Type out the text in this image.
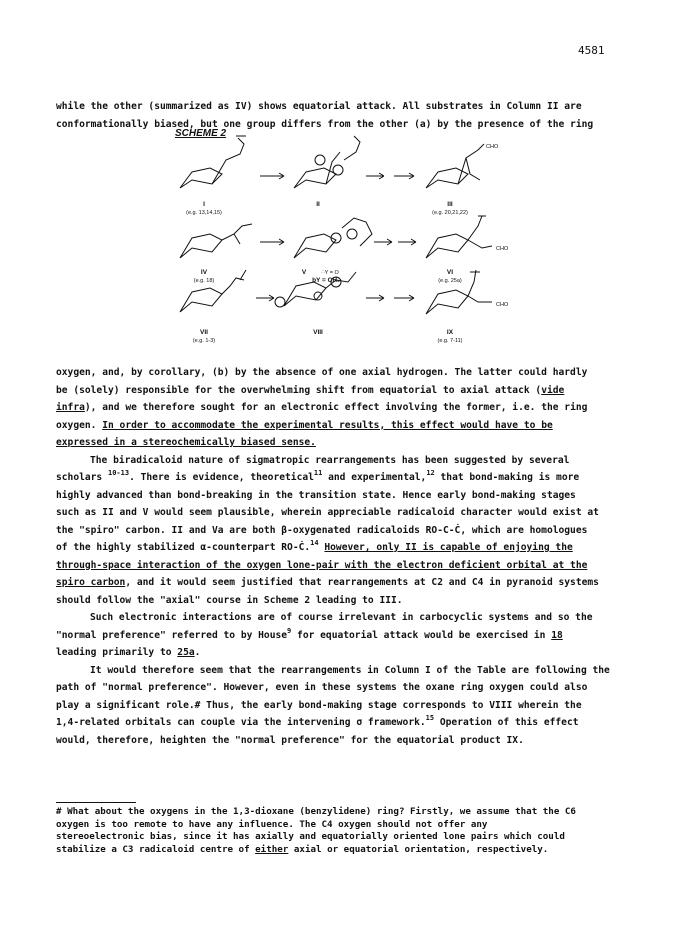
4581
while the other (summarized as IV) shows equatorial attack. All substrates in Column II are
conformationally biased, but one group differs from the other (a) by the presence of the ring
SCHEME 2
CHO
CHO
CHO
I
(e.g. 13,14,15)
II	III
(e.g. 20,21,22)
IV
(e.g. 18)
V	∴Y = O
bY = CH₂
VI
(e.g. 25a)
VII
(e.g. 1-3)
VIII	IX
(e.g. 7-11)
oxygen, and, by corollary, (b) by the absence of one axial hydrogen. The latter could hardly
be (solely) responsible for the overwhelming shift from equatorial to axial attack (vide
infra), and we therefore sought for an electronic effect involving the former, i.e. the ring
oxygen. In order to accommodate the experimental results, this effect would have to be
expressed in a stereochemically biased sense.
The biradicaloid nature of sigmatropic rearrangements has been suggested by several
scholars $^{10-13}$. There is evidence, theoretical$^{11}$ and experimental,$^{12}$ that bond-making is more
highly advanced than bond-breaking in the transition state. Hence early bond-making stages
such as II and V would seem plausible, wherein appreciable radicaloid character would exist at
the "spiro" carbon. II and Va are both β-oxygenated radicaloids RO-C-Ċ, which are homologues
of the highly stabilized α-counterpart RO-Ċ.$^{14}$ However, only II is capable of enjoying the
through-space interaction of the oxygen lone-pair with the electron deficient orbital at the
spiro carbon, and it would seem justified that rearrangements at C2 and C4 in pyranoid systems
should follow the "axial" course in Scheme 2 leading to III.
Such electronic interactions are of course irrelevant in carbocyclic systems and so the
"normal preference" referred to by House$^9$ for equatorial attack would be exercised in 18
leading primarily to 25a.
It would therefore seem that the rearrangements in Column I of the Table are following the
path of "normal preference". However, even in these systems the oxane ring oxygen could also
play a significant role.# Thus, the early bond-making stage corresponds to VIII wherein the
1,4-related orbitals can couple via the intervening σ framework.$^{15}$ Operation of this effect
would, therefore, heighten the "normal preference" for the equatorial product IX.
# What about the oxygens in the 1,3-dioxane (benzylidene) ring? Firstly, we assume that the C6
oxygen is too remote to have any influence. The C4 oxygen should not offer any
stereoelectronic bias, since it has axially and equatorially oriented lone pairs which could
stabilize a C3 radicaloid centre of either axial or equatorial orientation, respectively.
